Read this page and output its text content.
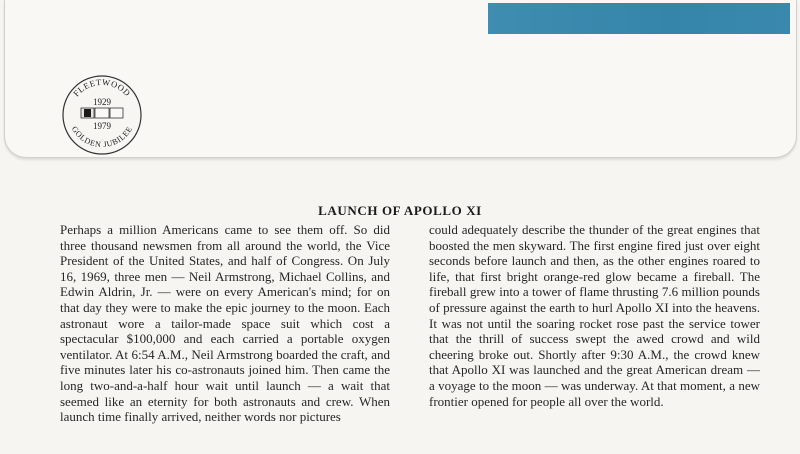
FLEETWOOD
GOLDEN JUBILEE
1929
1979
LAUNCH OF APOLLO XI
Perhaps a million Americans came to see them off. So did three thousand newsmen from all around the world, the Vice President of the United States, and half of Congress. On July 16, 1969, three men — Neil Armstrong, Michael Collins, and Edwin Aldrin, Jr. — were on every American's mind; for on that day they were to make the epic journey to the moon. Each astronaut wore a tailor-made space suit which cost a spectacular $100,000 and each carried a portable oxygen ventilator. At 6:54 A.M., Neil Armstrong boarded the craft, and five minutes later his co-astronauts joined him. Then came the long two-and-a-half hour wait until launch — a wait that seemed like an eternity for both astronauts and crew. When launch time finally arrived, neither words nor pictures
could adequately describe the thunder of the great engines that boosted the men skyward. The first engine fired just over eight seconds before launch and then, as the other engines roared to life, that first bright orange-red glow became a fireball. The fireball grew into a tower of flame thrusting 7.6 million pounds of pressure against the earth to hurl Apollo XI into the heavens. It was not until the soaring rocket rose past the service tower that the thrill of success swept the awed crowd and wild cheering broke out. Shortly after 9:30 A.M., the crowd knew that Apollo XI was launched and the great American dream — a voyage to the moon — was underway. At that moment, a new frontier opened for people all over the world.
